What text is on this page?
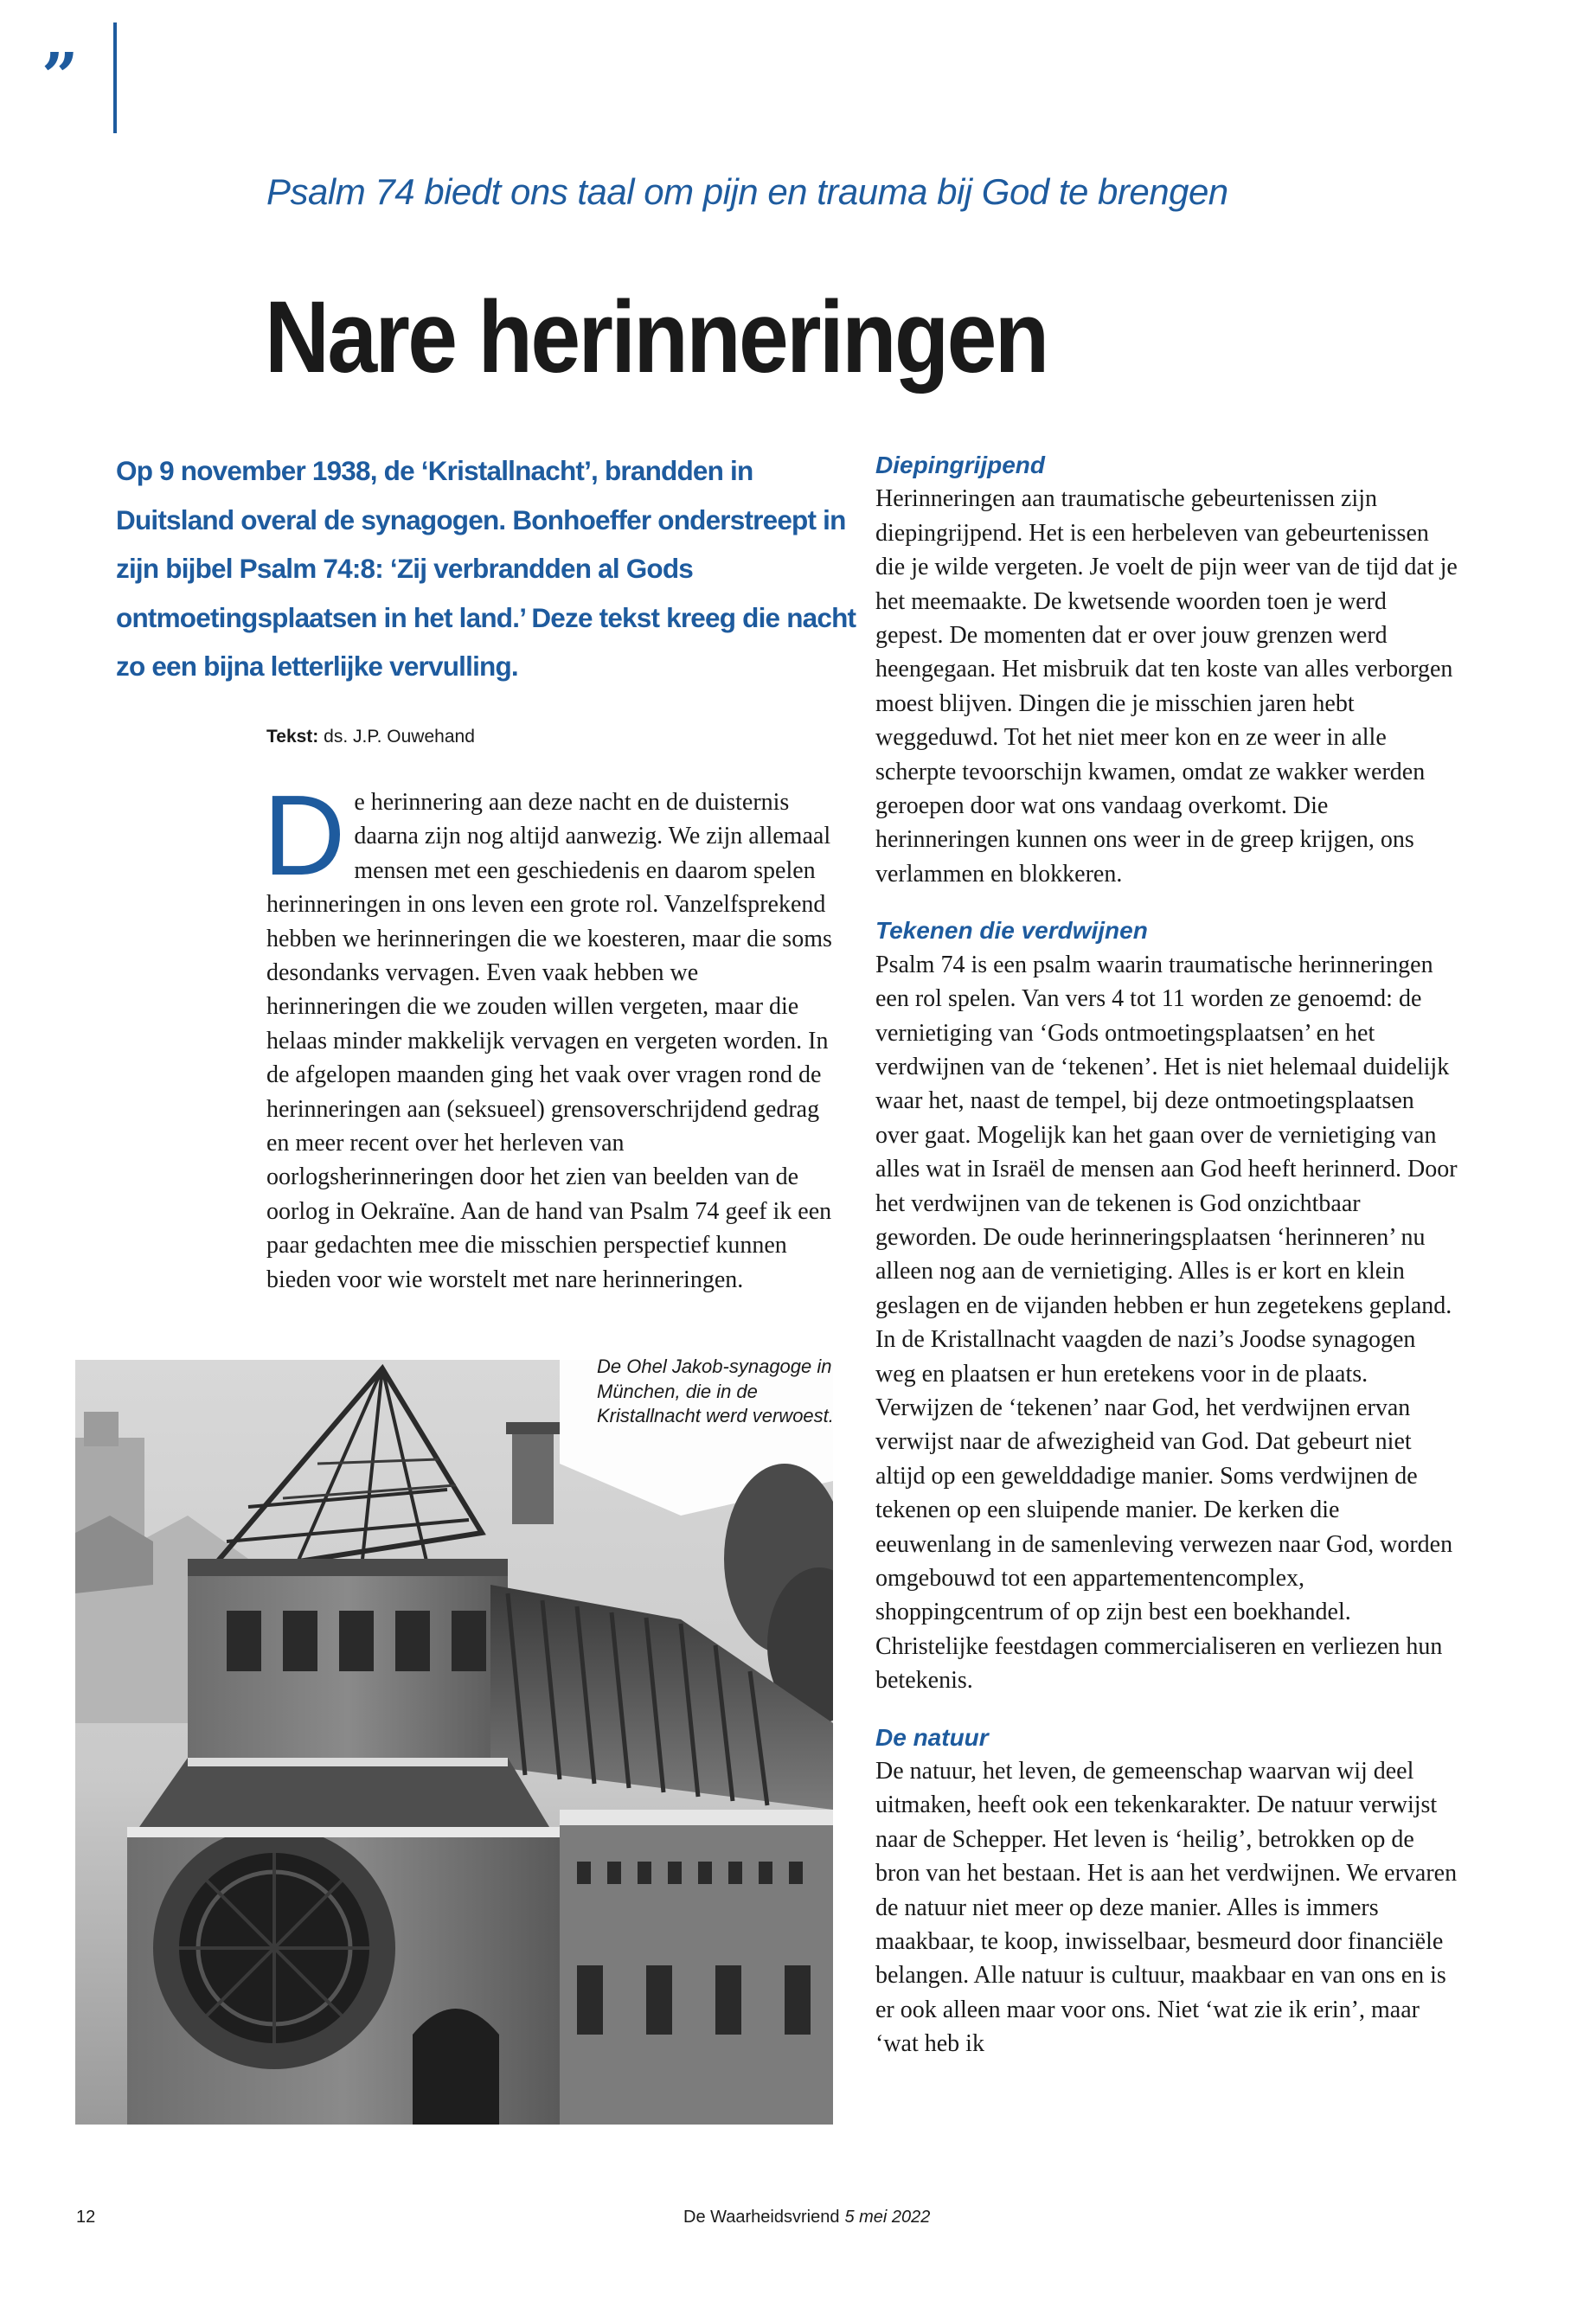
”
Psalm 74 biedt ons taal om pijn en trauma bij God te brengen
Nare herinneringen

Op 9 november 1938, de ‘Kristallnacht’, brandden in Duitsland overal de synagogen. Bonhoeffer onderstreept in zijn bijbel Psalm 74:8: ‘Zij verbrandden al Gods ontmoetingsplaatsen in het land.’ Deze tekst kreeg die nacht zo een bijna letterlijke vervulling.

Tekst: ds. J.P. Ouwehand
D e herinnering aan deze nacht en de duisternis daarna zijn nog altijd aanwezig. We zijn allemaal mensen met een geschiedenis en daarom spelen herinneringen in ons leven een grote rol. Vanzelfsprekend hebben we herinneringen die we koesteren, maar die soms desondanks vervagen. Even vaak hebben we herinneringen die we zouden willen vergeten, maar die helaas minder makkelijk vervagen en vergeten worden. In de afgelopen maanden ging het vaak over vragen rond de herinneringen aan (seksueel) grensoverschrijdend gedrag en meer recent over het herleven van oorlogsherinneringen door het zien van beelden van de oorlog in Oekraïne. Aan de hand van Psalm 74 geef ik een paar gedachten mee die misschien perspectief kunnen bieden voor wie worstelt met nare herinneringen.

De Ohel Jakob-synagoge in München, die in de Kristallnacht werd verwoest.
Diepingrijpend

Herinneringen aan traumatische gebeurtenissen zijn diepingrijpend. Het is een herbeleven van gebeurtenissen die je wilde vergeten. Je voelt de pijn weer van de tijd dat je het meemaakte. De kwetsende woorden toen je werd gepest. De momenten dat er over jouw grenzen werd heengegaan. Het misbruik dat ten koste van alles verborgen moest blijven. Dingen die je misschien jaren hebt weggeduwd. Tot het niet meer kon en ze weer in alle scherpte tevoorschijn kwamen, omdat ze wakker werden geroepen door wat ons vandaag overkomt. Die herinneringen kunnen ons weer in de greep krijgen, ons verlammen en blokkeren.

Tekenen die verdwijnen

Psalm 74 is een psalm waarin traumatische herinneringen een rol spelen. Van vers 4 tot 11 worden ze genoemd: de vernietiging van ‘Gods ontmoetingsplaatsen’ en het verdwijnen van de ‘tekenen’. Het is niet helemaal duidelijk waar het, naast de tempel, bij deze ontmoetingsplaatsen over gaat. Mogelijk kan het gaan over de vernietiging van alles wat in Israël de mensen aan God heeft herinnerd. Door het verdwijnen van de tekenen is God onzichtbaar geworden. De oude herinneringsplaatsen ‘herinneren’ nu alleen nog aan de vernietiging. Alles is er kort en klein geslagen en de vijanden hebben er hun zegetekens gepland.

In de Kristallnacht vaagden de nazi’s Joodse synagogen weg en plaatsen er hun eretekens voor in de plaats. Verwijzen de ‘tekenen’ naar God, het verdwijnen ervan verwijst naar de afwezigheid van God. Dat gebeurt niet altijd op een gewelddadige manier. Soms verdwijnen de tekenen op een sluipende manier. De kerken die eeuwenlang in de samenleving verwezen naar God, worden omgebouwd tot een appartementencomplex, shoppingcentrum of op zijn best een boekhandel. Christelijke feestdagen commercialiseren en verliezen hun betekenis.

De natuur

De natuur, het leven, de gemeenschap waarvan wij deel uitmaken, heeft ook een tekenkarakter. De natuur verwijst naar de Schepper. Het leven is ‘heilig’, betrokken op de bron van het bestaan. Het is aan het verdwijnen. We ervaren de natuur niet meer op deze manier. Alles is immers maakbaar, te koop, inwisselbaar, besmeurd door financiële belangen. Alle natuur is cultuur, maakbaar en van ons en is er ook alleen maar voor ons. Niet ‘wat zie ik erin’, maar ‘wat heb ik

12	De Waarheidsvriend 5 mei 2022
